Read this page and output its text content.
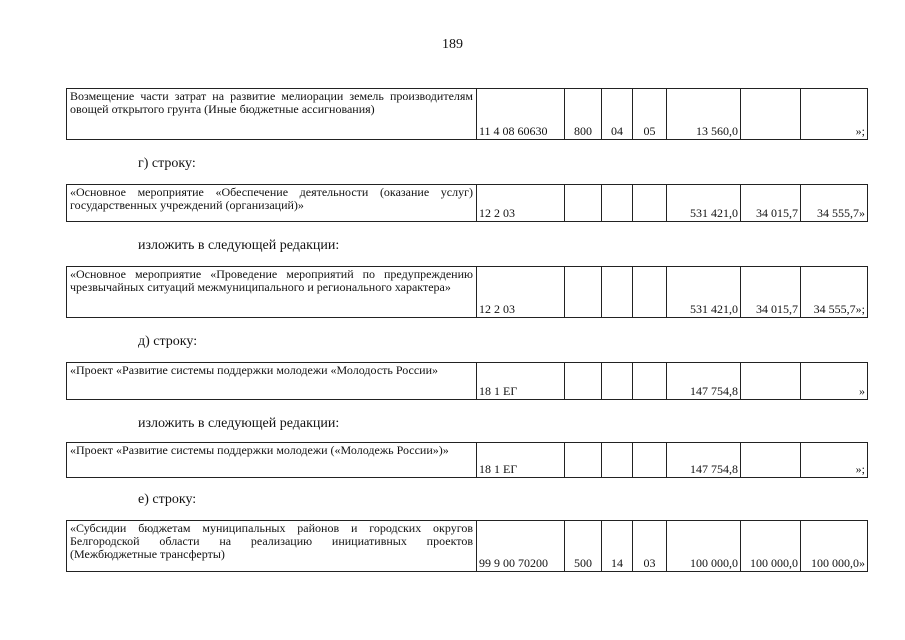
189
Возмещение части затрат на развитие мелиорации земель производителям овощей открытого грунта (Иные бюджетные ассигнования)	11 4 08 60630	800	04	05	13 560,0		»;
г) строку:
«Основное мероприятие «Обеспечение деятельности (оказание услуг) государственных учреждений (организаций)»	12 2 03				531 421,0	34 015,7	34 555,7»
изложить в следующей редакции:
«Основное мероприятие «Проведение мероприятий по предупреждению чрезвычайных ситуаций межмуниципального и регионального характера»	12 2 03				531 421,0	34 015,7	34 555,7»;
д) строку:
«Проект «Развитие системы поддержки молодежи «Молодость России»	18 1 ЕГ				147 754,8		»
изложить в следующей редакции:
«Проект «Развитие системы поддержки молодежи («Молодежь России»)»	18 1 ЕГ				147 754,8		»;
е) строку:
«Субсидии бюджетам муниципальных районов и городских округов Белгородской области на реализацию инициативных проектов (Межбюджетные трансферты)	99 9 00 70200	500	14	03	100 000,0	100 000,0	100 000,0»
